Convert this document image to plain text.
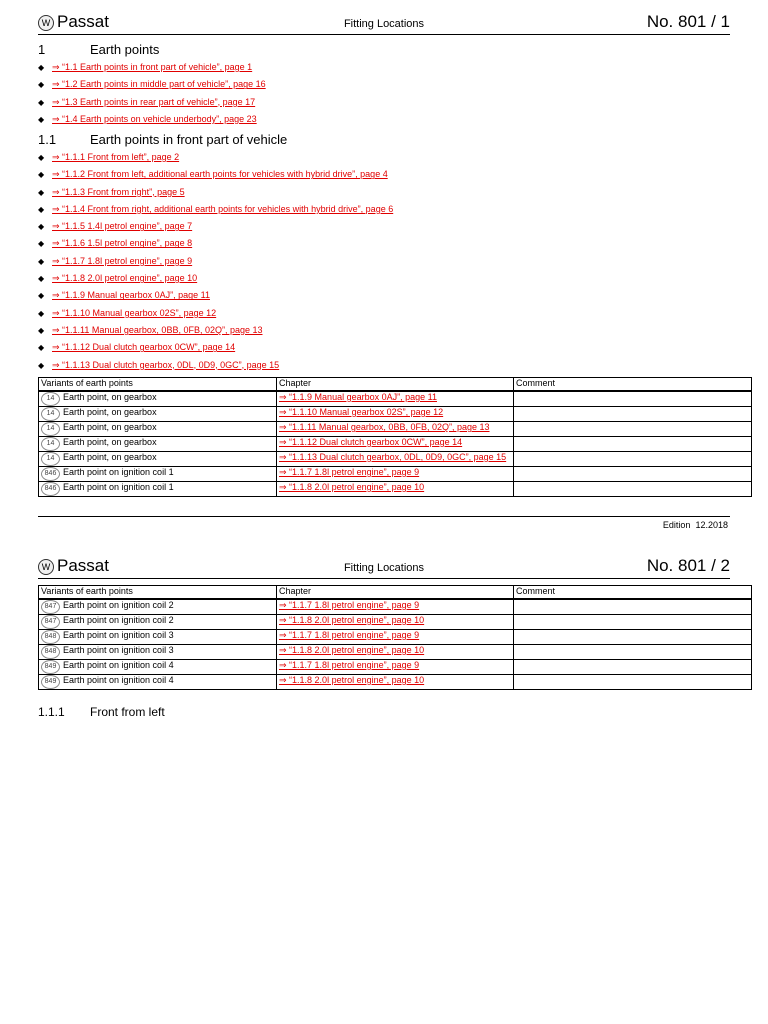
W Passat	Fitting Locations	No. 801 / 1
1	Earth points
◆ ⇒ “1.1 Earth points in front part of vehicle”, page 1
◆ ⇒ “1.2 Earth points in middle part of vehicle”, page 16
◆ ⇒ “1.3 Earth points in rear part of vehicle”, page 17
◆ ⇒ “1.4 Earth points on vehicle underbody”, page 23
1.1	Earth points in front part of vehicle
◆ ⇒ “1.1.1 Front from left”, page 2
◆ ⇒ “1.1.2 Front from left, additional earth points for vehicles with hybrid drive”, page 4
◆ ⇒ “1.1.3 Front from right”, page 5
◆ ⇒ “1.1.4 Front from right, additional earth points for vehicles with hybrid drive”, page 6
◆ ⇒ “1.1.5 1.4l petrol engine”, page 7
◆ ⇒ “1.1.6 1.5l petrol engine”, page 8
◆ ⇒ “1.1.7 1.8l petrol engine”, page 9
◆ ⇒ “1.1.8 2.0l petrol engine”, page 10
◆ ⇒ “1.1.9 Manual gearbox 0AJ”, page 11
◆ ⇒ “1.1.10 Manual gearbox 02S”, page 12
◆ ⇒ “1.1.11 Manual gearbox, 0BB, 0FB, 02Q”, page 13
◆ ⇒ “1.1.12 Dual clutch gearbox 0CW”, page 14
◆ ⇒ “1.1.13 Dual clutch gearbox, 0DL, 0D9, 0GC”, page 15
Variants of earth points	Chapter	Comment
14 Earth point, on gearbox	⇒ “1.1.9 Manual gearbox 0AJ”, page 11	
14 Earth point, on gearbox	⇒ “1.1.10 Manual gearbox 02S”, page 12	
14 Earth point, on gearbox	⇒ “1.1.11 Manual gearbox, 0BB, 0FB, 02Q”, page 13	
14 Earth point, on gearbox	⇒ “1.1.12 Dual clutch gearbox 0CW”, page 14	
14 Earth point, on gearbox	⇒ “1.1.13 Dual clutch gearbox, 0DL, 0D9, 0GC”, page 15	
846 Earth point on ignition coil 1	⇒ “1.1.7 1.8l petrol engine”, page 9	
846 Earth point on ignition coil 1	⇒ “1.1.8 2.0l petrol engine”, page 10	
Edition 12.2018
W Passat	Fitting Locations	No. 801 / 2
Variants of earth points	Chapter	Comment
847 Earth point on ignition coil 2	⇒ “1.1.7 1.8l petrol engine”, page 9	
847 Earth point on ignition coil 2	⇒ “1.1.8 2.0l petrol engine”, page 10	
848 Earth point on ignition coil 3	⇒ “1.1.7 1.8l petrol engine”, page 9	
848 Earth point on ignition coil 3	⇒ “1.1.8 2.0l petrol engine”, page 10	
849 Earth point on ignition coil 4	⇒ “1.1.7 1.8l petrol engine”, page 9	
849 Earth point on ignition coil 4	⇒ “1.1.8 2.0l petrol engine”, page 10	
1.1.1 Front from left
